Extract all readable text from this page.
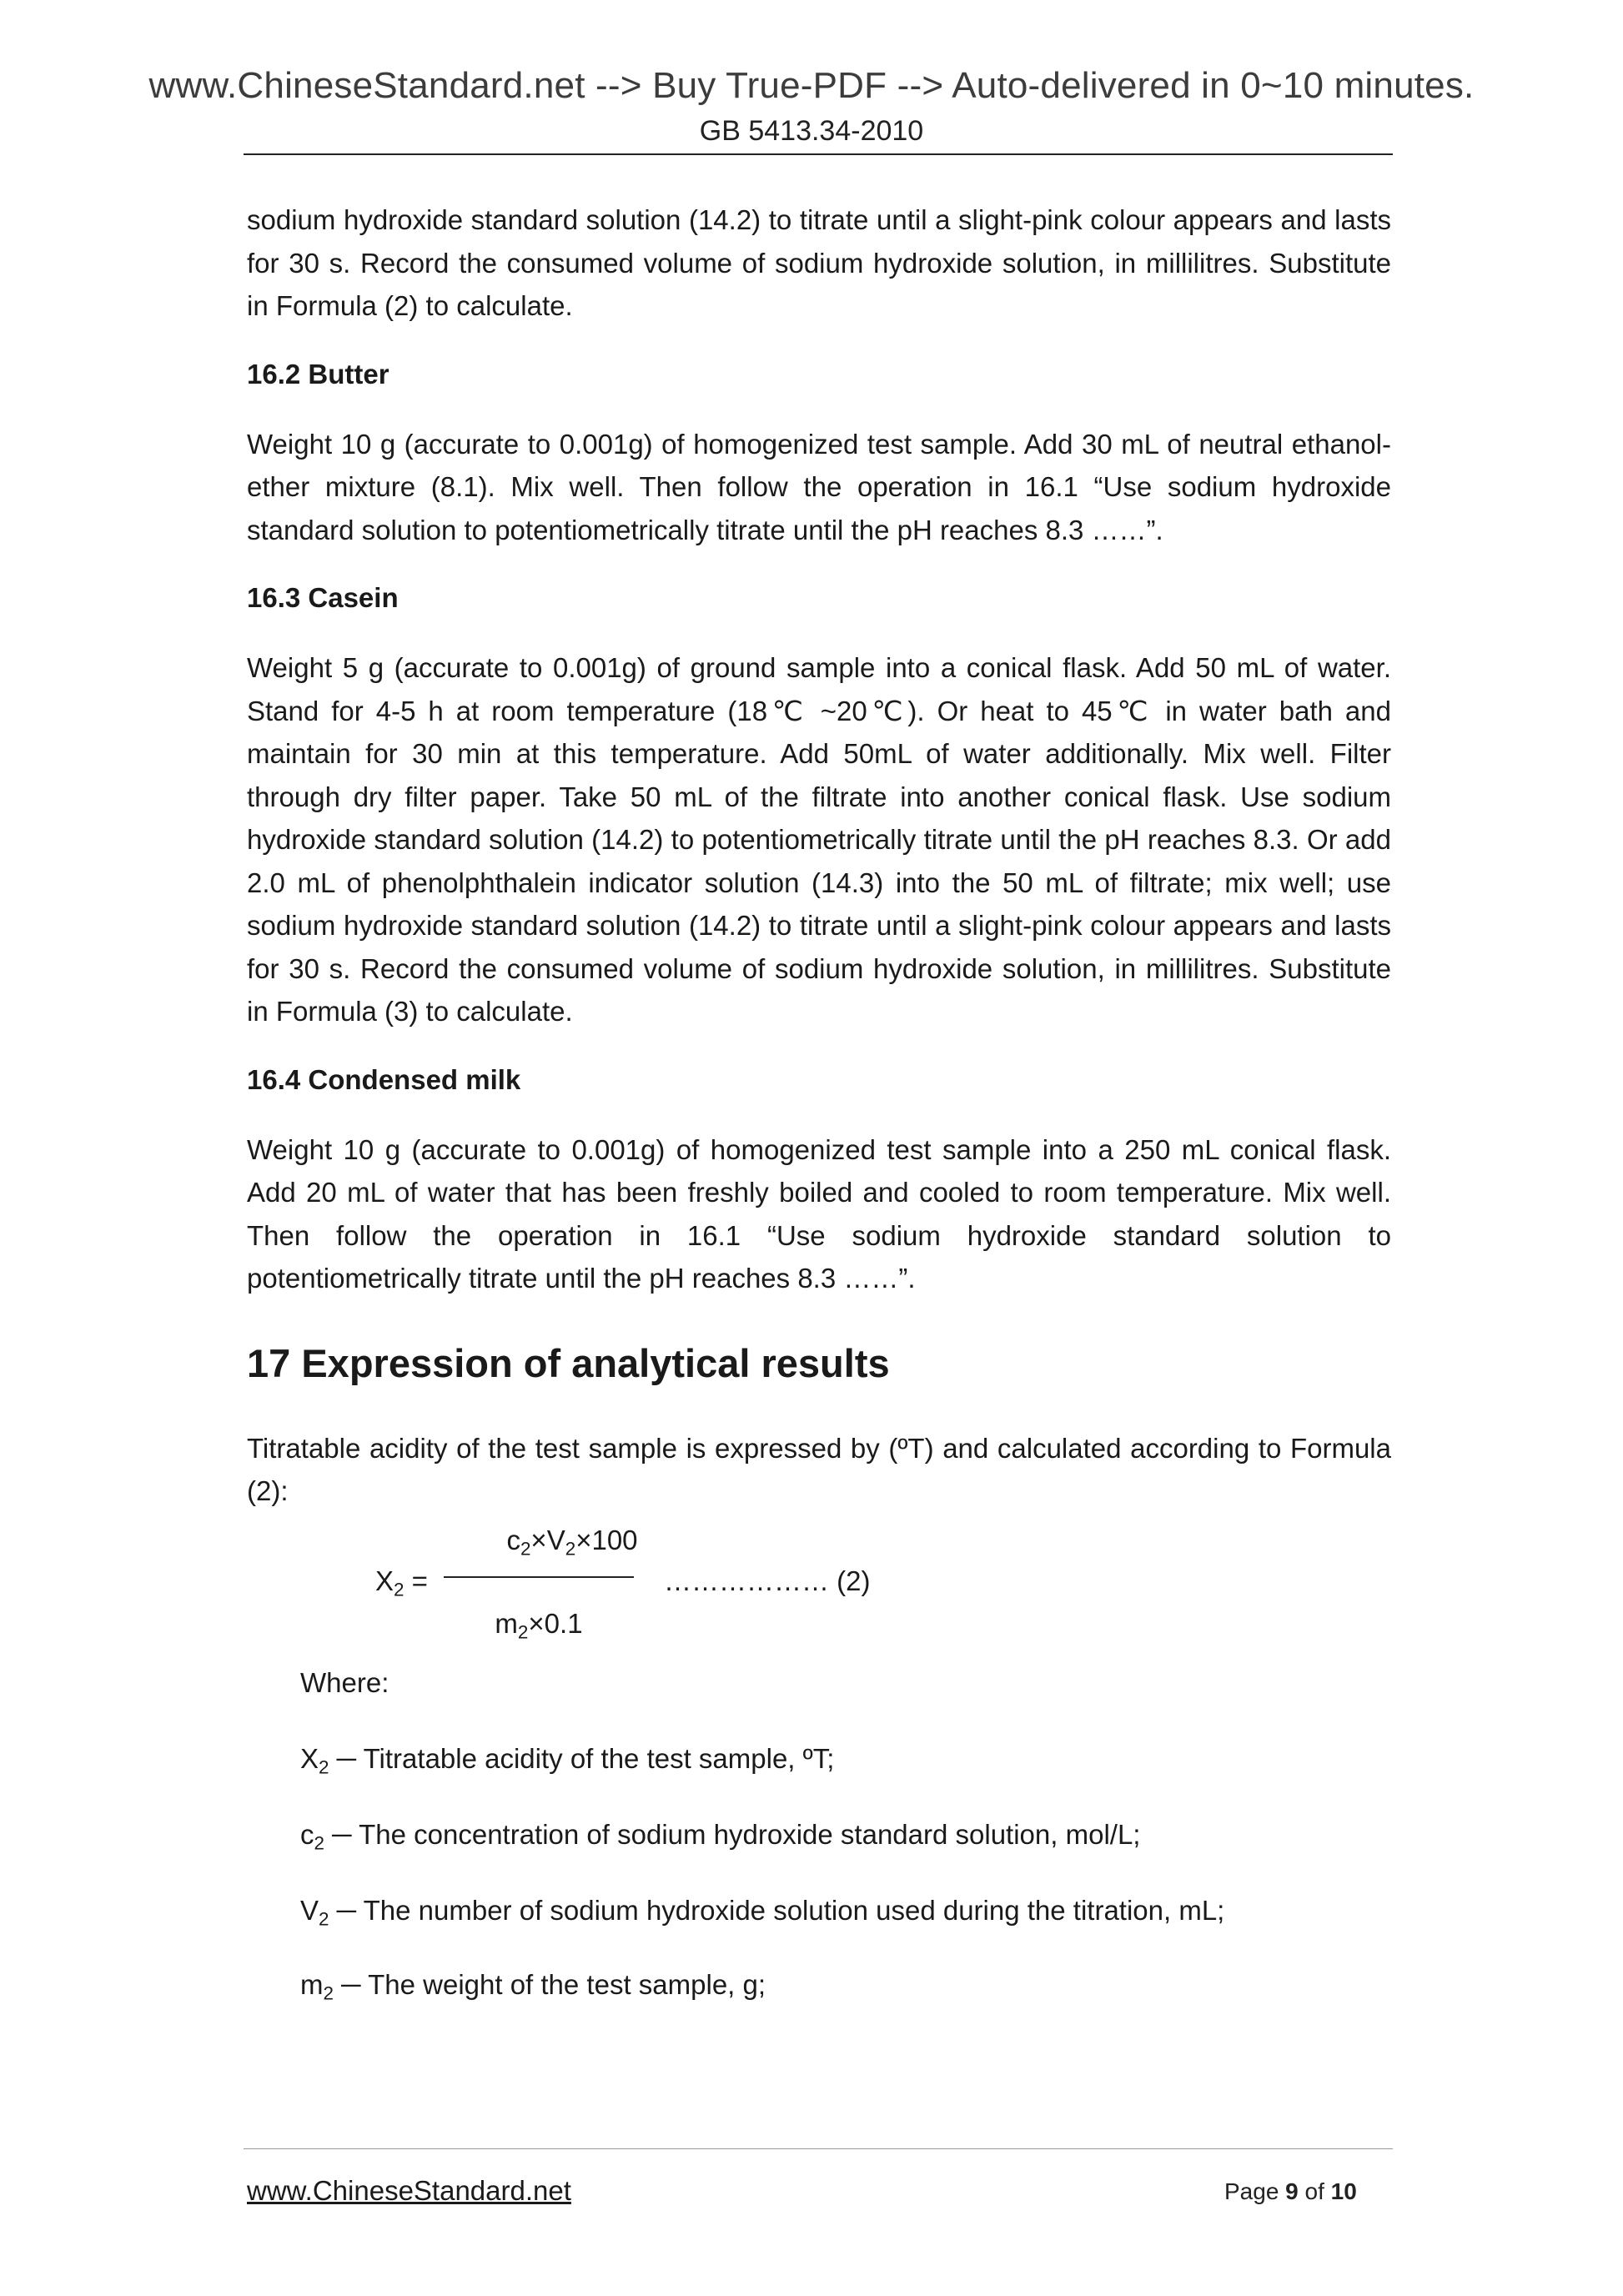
www.ChineseStandard.net --> Buy True-PDF --> Auto-delivered in 0~10 minutes.
GB 5413.34-2010

sodium hydroxide standard solution (14.2) to titrate until a slight-pink colour appears and lasts for 30 s. Record the consumed volume of sodium hydroxide solution, in millilitres. Substitute in Formula (2) to calculate.

16.2 Butter

Weight 10 g (accurate to 0.001g) of homogenized test sample. Add 30 mL of neutral ethanol-ether mixture (8.1). Mix well. Then follow the operation in 16.1 “Use sodium hydroxide standard solution to potentiometrically titrate until the pH reaches 8.3 ……”.

16.3 Casein

Weight 5 g (accurate to 0.001g) of ground sample into a conical flask. Add 50 mL of water. Stand for 4-5 h at room temperature (18℃ ~20℃). Or heat to 45℃ in water bath and maintain for 30 min at this temperature. Add 50mL of water additionally. Mix well. Filter through dry filter paper. Take 50 mL of the filtrate into another conical flask. Use sodium hydroxide standard solution (14.2) to potentiometrically titrate until the pH reaches 8.3. Or add 2.0 mL of phenolphthalein indicator solution (14.3) into the 50 mL of filtrate; mix well; use sodium hydroxide standard solution (14.2) to titrate until a slight-pink colour appears and lasts for 30 s. Record the consumed volume of sodium hydroxide solution, in millilitres. Substitute in Formula (3) to calculate.

16.4 Condensed milk

Weight 10 g (accurate to 0.001g) of homogenized test sample into a 250 mL conical flask. Add 20 mL of water that has been freshly boiled and cooled to room temperature. Mix well. Then follow the operation in 16.1 “Use sodium hydroxide standard solution to potentiometrically titrate until the pH reaches 8.3 ……”.

17 Expression of analytical results

Titratable acidity of the test sample is expressed by (ºT) and calculated according to Formula (2):

$X_2$ =
$c_2\times V_2\times 100$
$m_2\times 0.1$
……………… (2)

Where:

$X_2$ ─ Titratable acidity of the test sample, ºT;

$c_2$ ─ The concentration of sodium hydroxide standard solution, mol/L;

$V_2$ ─ The number of sodium hydroxide solution used during the titration, mL;

$m_2$ ─ The weight of the test sample, g;

www.ChineseStandard.net	Page 9 of 10
